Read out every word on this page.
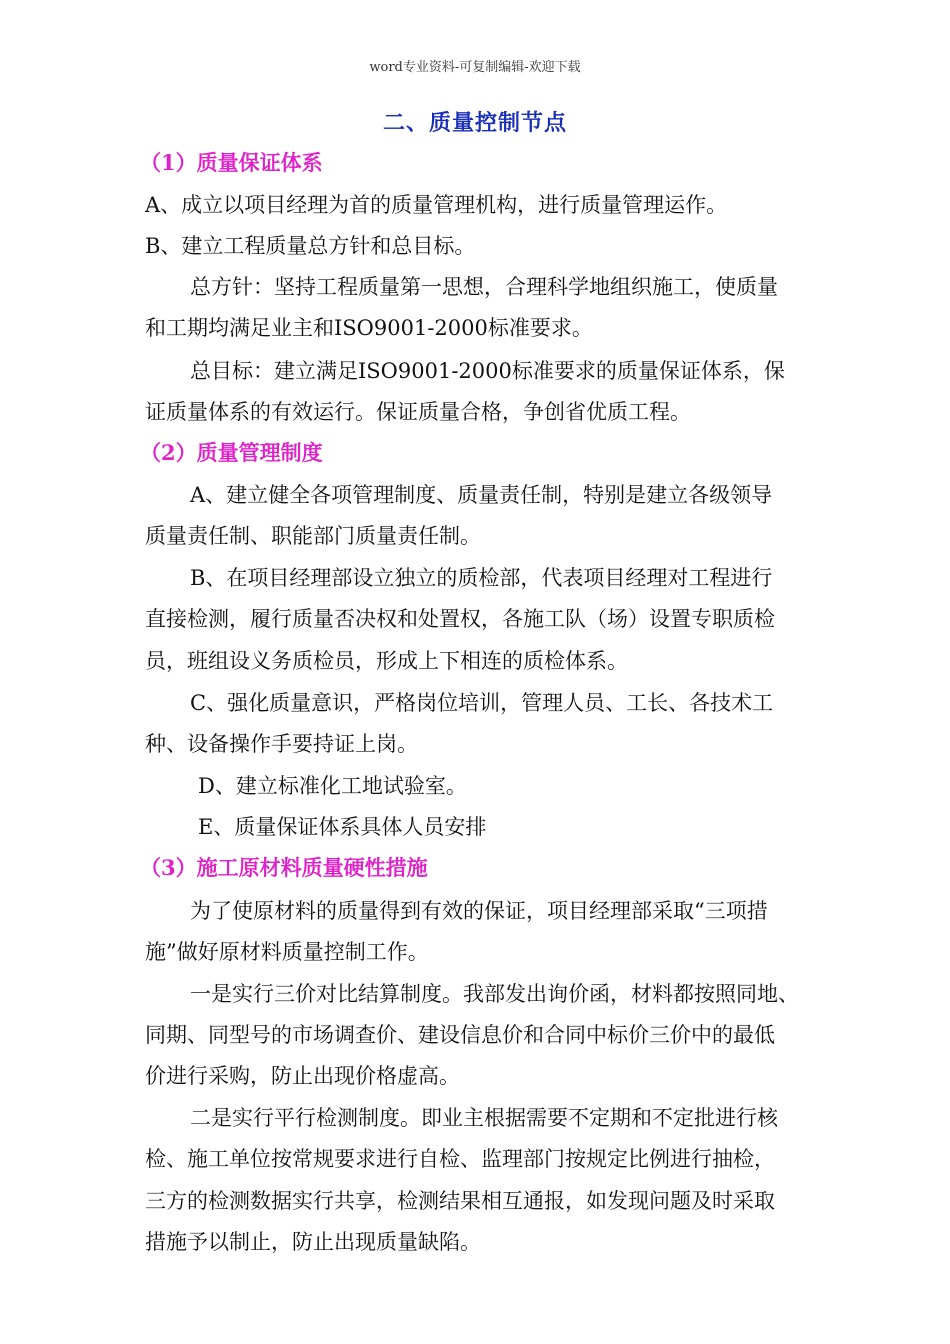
word专业资料-可复制编辑-欢迎下载
二、质量控制节点
（1）质量保证体系
A、成立以项目经理为首的质量管理机构，进行质量管理运作。
B、建立工程质量总方针和总目标。
总方针：坚持工程质量第一思想，合理科学地组织施工，使质量
和工期均满足业主和ISO9001-2000标准要求。
总目标：建立满足ISO9001-2000标准要求的质量保证体系，保
证质量体系的有效运行。保证质量合格，争创省优质工程。
（2）质量管理制度
A、建立健全各项管理制度、质量责任制，特别是建立各级领导
质量责任制、职能部门质量责任制。
B、在项目经理部设立独立的质检部，代表项目经理对工程进行
直接检测，履行质量否决权和处置权，各施工队（场）设置专职质检
员，班组设义务质检员，形成上下相连的质检体系。
C、强化质量意识，严格岗位培训，管理人员、工长、各技术工
种、设备操作手要持证上岗。
D、建立标准化工地试验室。
E、质量保证体系具体人员安排
（3）施工原材料质量硬性措施
为了使原材料的质量得到有效的保证，项目经理部采取“三项措
施”做好原材料质量控制工作。
一是实行三价对比结算制度。我部发出询价函，材料都按照同地、
同期、同型号的市场调查价、建设信息价和合同中标价三价中的最低
价进行采购，防止出现价格虚高。
二是实行平行检测制度。即业主根据需要不定期和不定批进行核
检、施工单位按常规要求进行自检、监理部门按规定比例进行抽检，
三方的检测数据实行共享，检测结果相互通报，如发现问题及时采取
措施予以制止，防止出现质量缺陷。
